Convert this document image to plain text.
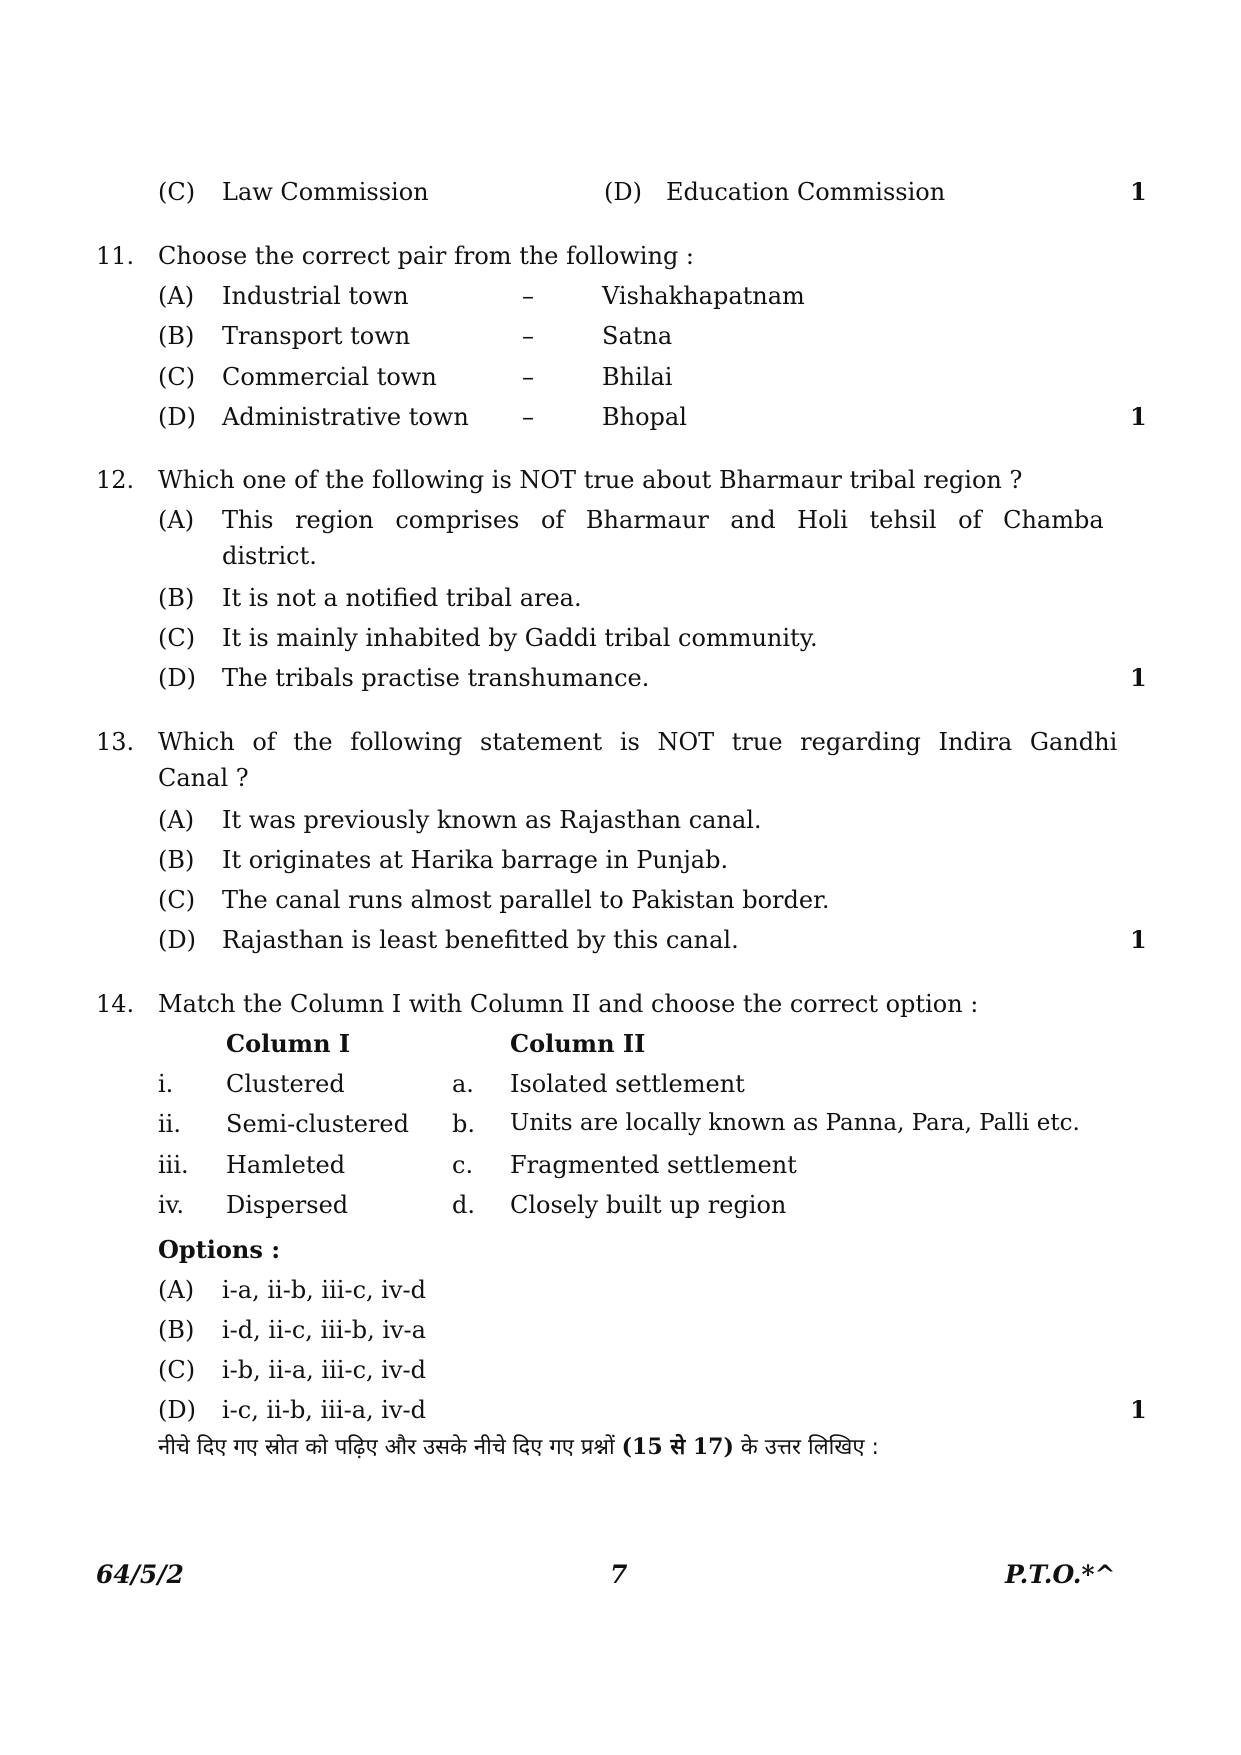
(C) Law Commission	(D) Education Commission	1
11. Choose the correct pair from the following :
(A) Industrial town	–	Vishakhapatnam
(B) Transport town	–	Satna
(C) Commercial town	–	Bhilai
(D) Administrative town –	Bhopal	1
12. Which one of the following is NOT true about Bharmaur tribal region ?
(A) This region comprises of Bharmaur and Holi tehsil of Chamba
district.
(B) It is not a notified tribal area.
(C) It is mainly inhabited by Gaddi tribal community.
(D) The tribals practise transhumance.	1
13. Which of the following statement is NOT true regarding Indira Gandhi
Canal ?
(A) It was previously known as Rajasthan canal.
(B) It originates at Harika barrage in Punjab.
(C) The canal runs almost parallel to Pakistan border.
(D) Rajasthan is least benefitted by this canal.	1
14. Match the Column I with Column II and choose the correct option :
Column I	Column II
i. Clustered	a. Isolated settlement
ii. Semi-clustered b. Units are locally known as Panna, Para, Palli etc.
iii. Hamleted	c. Fragmented settlement
iv. Dispersed	d. Closely built up region
Options :
(A) i-a, ii-b, iii-c, iv-d
(B) i-d, ii-c, iii-b, iv-a
(C) i-b, ii-a, iii-c, iv-d
(D) i-c, ii-b, iii-a, iv-d	1
नीचे दिए गए स्रोत को पढ़िए और उसके नीचे दिए गए प्रश्नों (15 से 17) के उत्तर लिखिए :
64/5/2	7	P.T.O.*^
